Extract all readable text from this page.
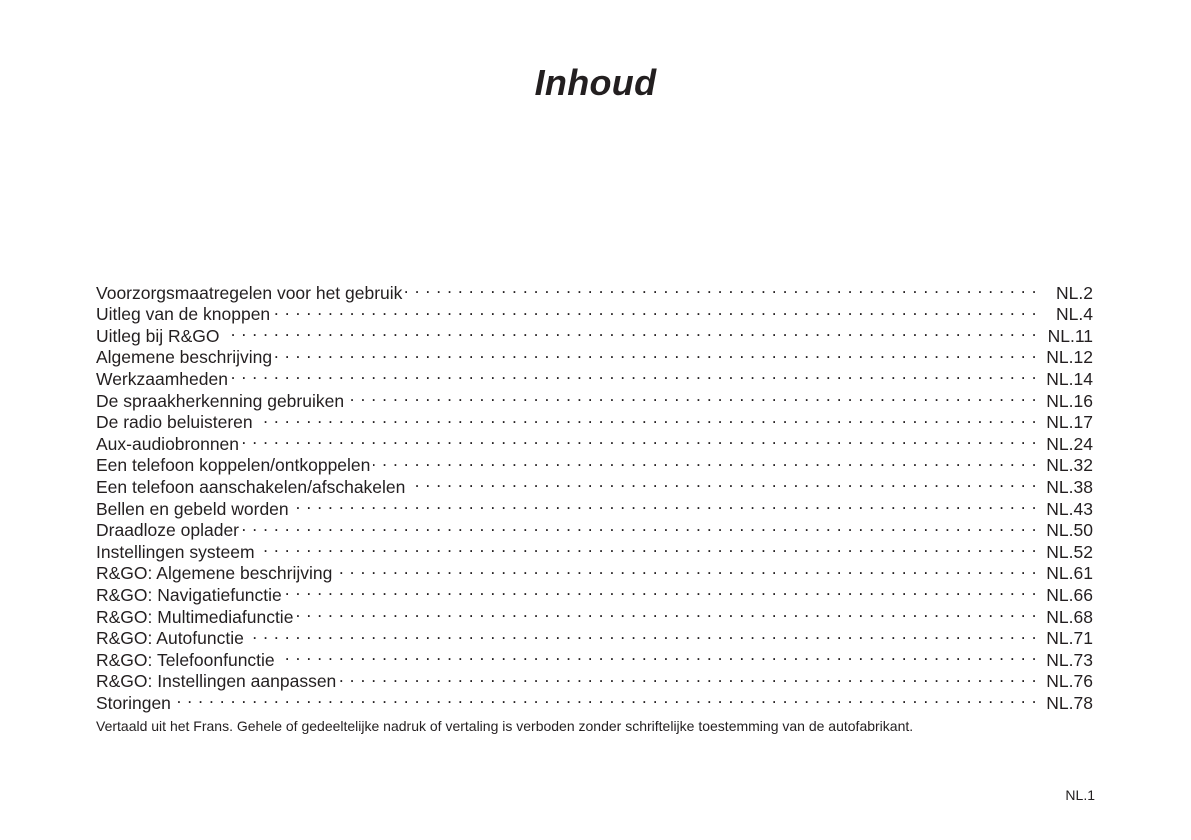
Inhoud
Voorzorgsmaatregelen voor het gebruik . . .	NL.2
Uitleg van de knoppen . . .	NL.4
Uitleg bij R&GO . . .	NL.11
Algemene beschrijving . . .	NL.12
Werkzaamheden . . .	NL.14
De spraakherkenning gebruiken . . .	NL.16
De radio beluisteren . . .	NL.17
Aux-audiobronnen . . .	NL.24
Een telefoon koppelen/ontkoppelen . . .	NL.32
Een telefoon aanschakelen/afschakelen . . .	NL.38
Bellen en gebeld worden . . .	NL.43
Draadloze oplader . . .	NL.50
Instellingen systeem . . .	NL.52
R&GO: Algemene beschrijving . . .	NL.61
R&GO: Navigatiefunctie . . .	NL.66
R&GO: Multimediafunctie . . .	NL.68
R&GO: Autofunctie . . .	NL.71
R&GO: Telefoonfunctie . . .	NL.73
R&GO: Instellingen aanpassen . . .	NL.76
Storingen . . .	NL.78
Vertaald uit het Frans. Gehele of gedeeltelijke nadruk of vertaling is verboden zonder schriftelijke toestemming van de autofabrikant.
NL.1
